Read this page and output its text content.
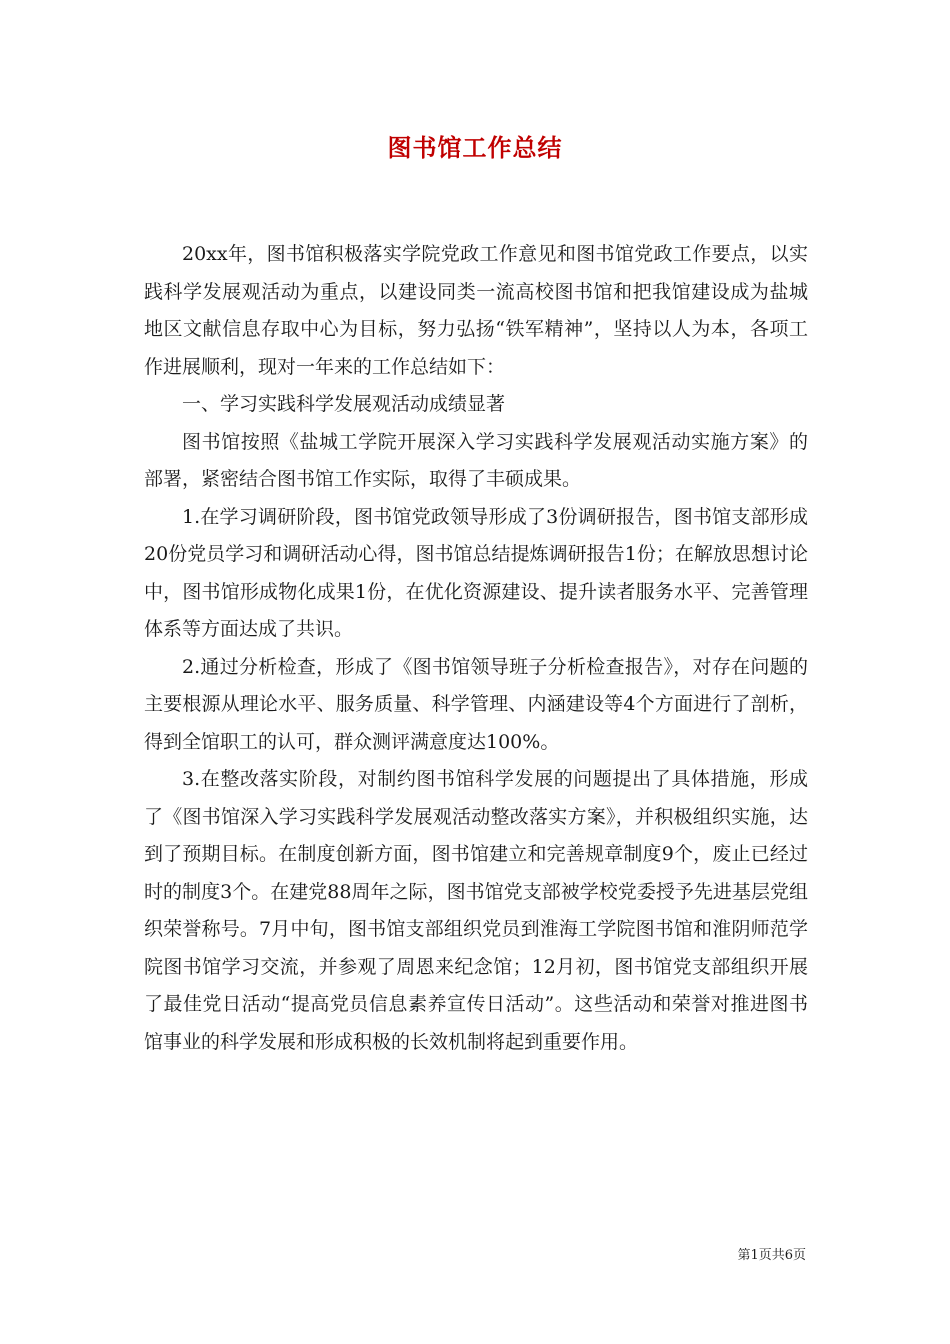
图书馆工作总结

20xx年，图书馆积极落实学院党政工作意见和图书馆党政工作要点，以实践科学发展观活动为重点，以建设同类一流高校图书馆和把我馆建设成为盐城地区文献信息存取中心为目标，努力弘扬“铁军精神”，坚持以人为本，各项工作进展顺利，现对一年来的工作总结如下：

一、学习实践科学发展观活动成绩显著

图书馆按照《盐城工学院开展深入学习实践科学发展观活动实施方案》的部署，紧密结合图书馆工作实际，取得了丰硕成果。

1.在学习调研阶段，图书馆党政领导形成了3份调研报告，图书馆支部形成20份党员学习和调研活动心得，图书馆总结提炼调研报告1份；在解放思想讨论中，图书馆形成物化成果1份，在优化资源建设、提升读者服务水平、完善管理体系等方面达成了共识。

2.通过分析检查，形成了《图书馆领导班子分析检查报告》，对存在问题的主要根源从理论水平、服务质量、科学管理、内涵建设等4个方面进行了剖析，得到全馆职工的认可，群众测评满意度达100%。

3.在整改落实阶段，对制约图书馆科学发展的问题提出了具体措施，形成了《图书馆深入学习实践科学发展观活动整改落实方案》，并积极组织实施，达到了预期目标。在制度创新方面，图书馆建立和完善规章制度9个，废止已经过时的制度3个。在建党88周年之际，图书馆党支部被学校党委授予先进基层党组织荣誉称号。7月中旬，图书馆支部组织党员到淮海工学院图书馆和淮阴师范学院图书馆学习交流，并参观了周恩来纪念馆；12月初，图书馆党支部组织开展了最佳党日活动“提高党员信息素养宣传日活动”。这些活动和荣誉对推进图书馆事业的科学发展和形成积极的长效机制将起到重要作用。

第1页共6页
